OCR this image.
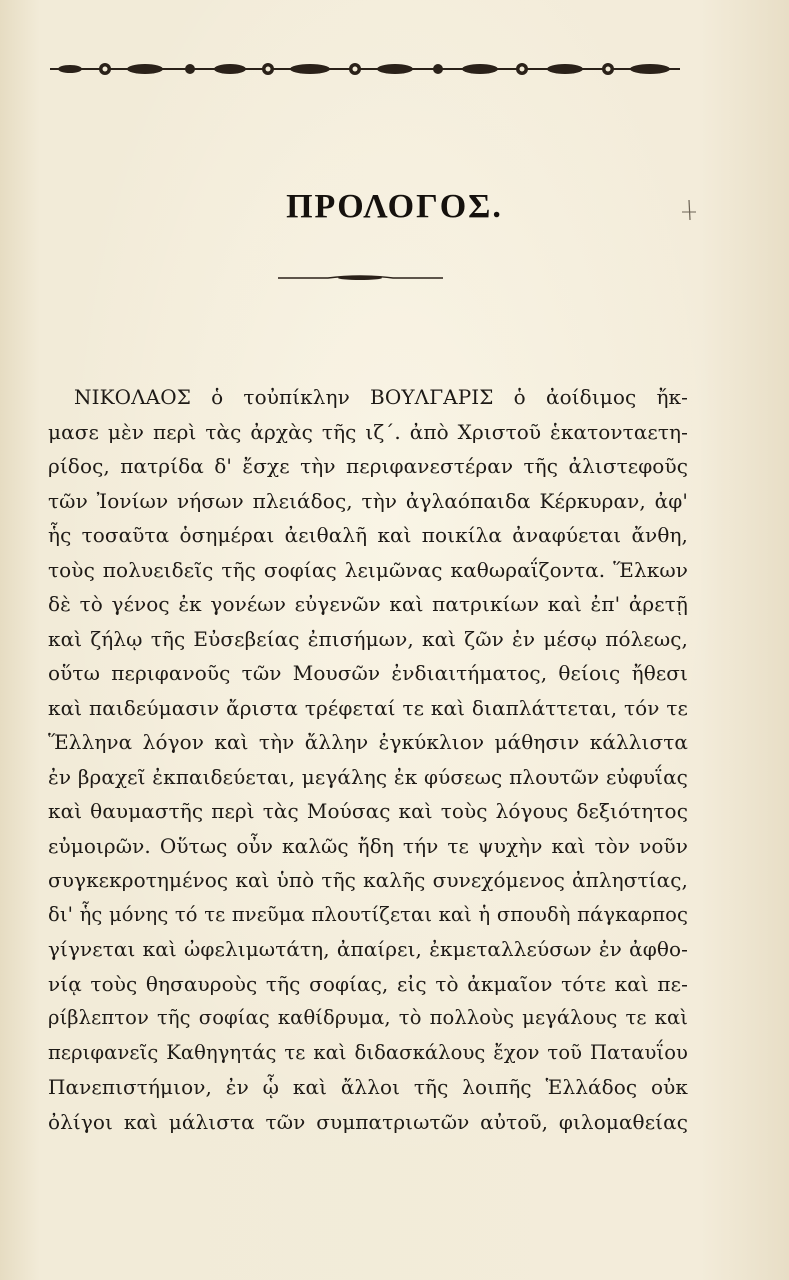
ΠΡΟΛΟΓΟΣ.
ΝΙΚΟΛΑΟΣ ὁ τοὐπίκλην ΒΟΥΛΓΑΡΙΣ ὁ ἀοίδιμος ἤκ-
μασε μὲν περὶ τὰς ἀρχὰς τῆς ιζ΄. ἀπὸ Χριστοῦ ἑκατονταετη-
ρίδος, πατρίδα δ' ἔσχε τὴν περιφανεστέραν τῆς ἀλιστεφοῦς
τῶν Ἰονίων νήσων πλειάδος, τὴν ἀγλαόπαιδα Κέρκυραν, ἀφ'
ἧς τοσαῦτα ὁσημέραι ἀειθαλῆ καὶ ποικίλα ἀναφύεται ἄνθη,
τοὺς πολυειδεῖς τῆς σοφίας λειμῶνας καθωραΐζοντα. Ἕλκων
δὲ τὸ γένος ἐκ γονέων εὐγενῶν καὶ πατρικίων καὶ ἐπ' ἀρετῇ
καὶ ζήλῳ τῆς Εὐσεβείας ἐπισήμων, καὶ ζῶν ἐν μέσῳ πόλεως,
οὕτω περιφανοῦς τῶν Μουσῶν ἐνδιαιτήματος, θείοις ἤθεσι
καὶ παιδεύμασιν ἄριστα τρέφεταί τε καὶ διαπλάττεται, τόν τε
Ἕλληνα λόγον καὶ τὴν ἄλλην ἐγκύκλιον μάθησιν κάλλιστα
ἐν βραχεῖ ἐκπαιδεύεται, μεγάλης ἐκ φύσεως πλουτῶν εὐφυΐας
καὶ θαυμαστῆς περὶ τὰς Μούσας καὶ τοὺς λόγους δεξιότητος
εὐμοιρῶν. Οὕτως οὖν καλῶς ἤδη τήν τε ψυχὴν καὶ τὸν νοῦν
συγκεκροτημένος καὶ ὑπὸ τῆς καλῆς συνεχόμενος ἀπληστίας,
δι' ἧς μόνης τό τε πνεῦμα πλουτίζεται καὶ ἡ σπουδὴ πάγκαρπος
γίγνεται καὶ ὠφελιμωτάτη, ἀπαίρει, ἐκμεταλλεύσων ἐν ἀφθο-
νίᾳ τοὺς θησαυροὺς τῆς σοφίας, εἰς τὸ ἀκμαῖον τότε καὶ πε-
ρίβλεπτον τῆς σοφίας καθίδρυμα, τὸ πολλοὺς μεγάλους τε καὶ
περιφανεῖς Καθηγητάς τε καὶ διδασκάλους ἔχον τοῦ Παταυΐου
Πανεπιστήμιον, ἐν ᾧ καὶ ἄλλοι τῆς λοιπῆς Ἑλλάδος οὐκ
ὀλίγοι καὶ μάλιστα τῶν συμπατριωτῶν αὐτοῦ, φιλομαθείας
